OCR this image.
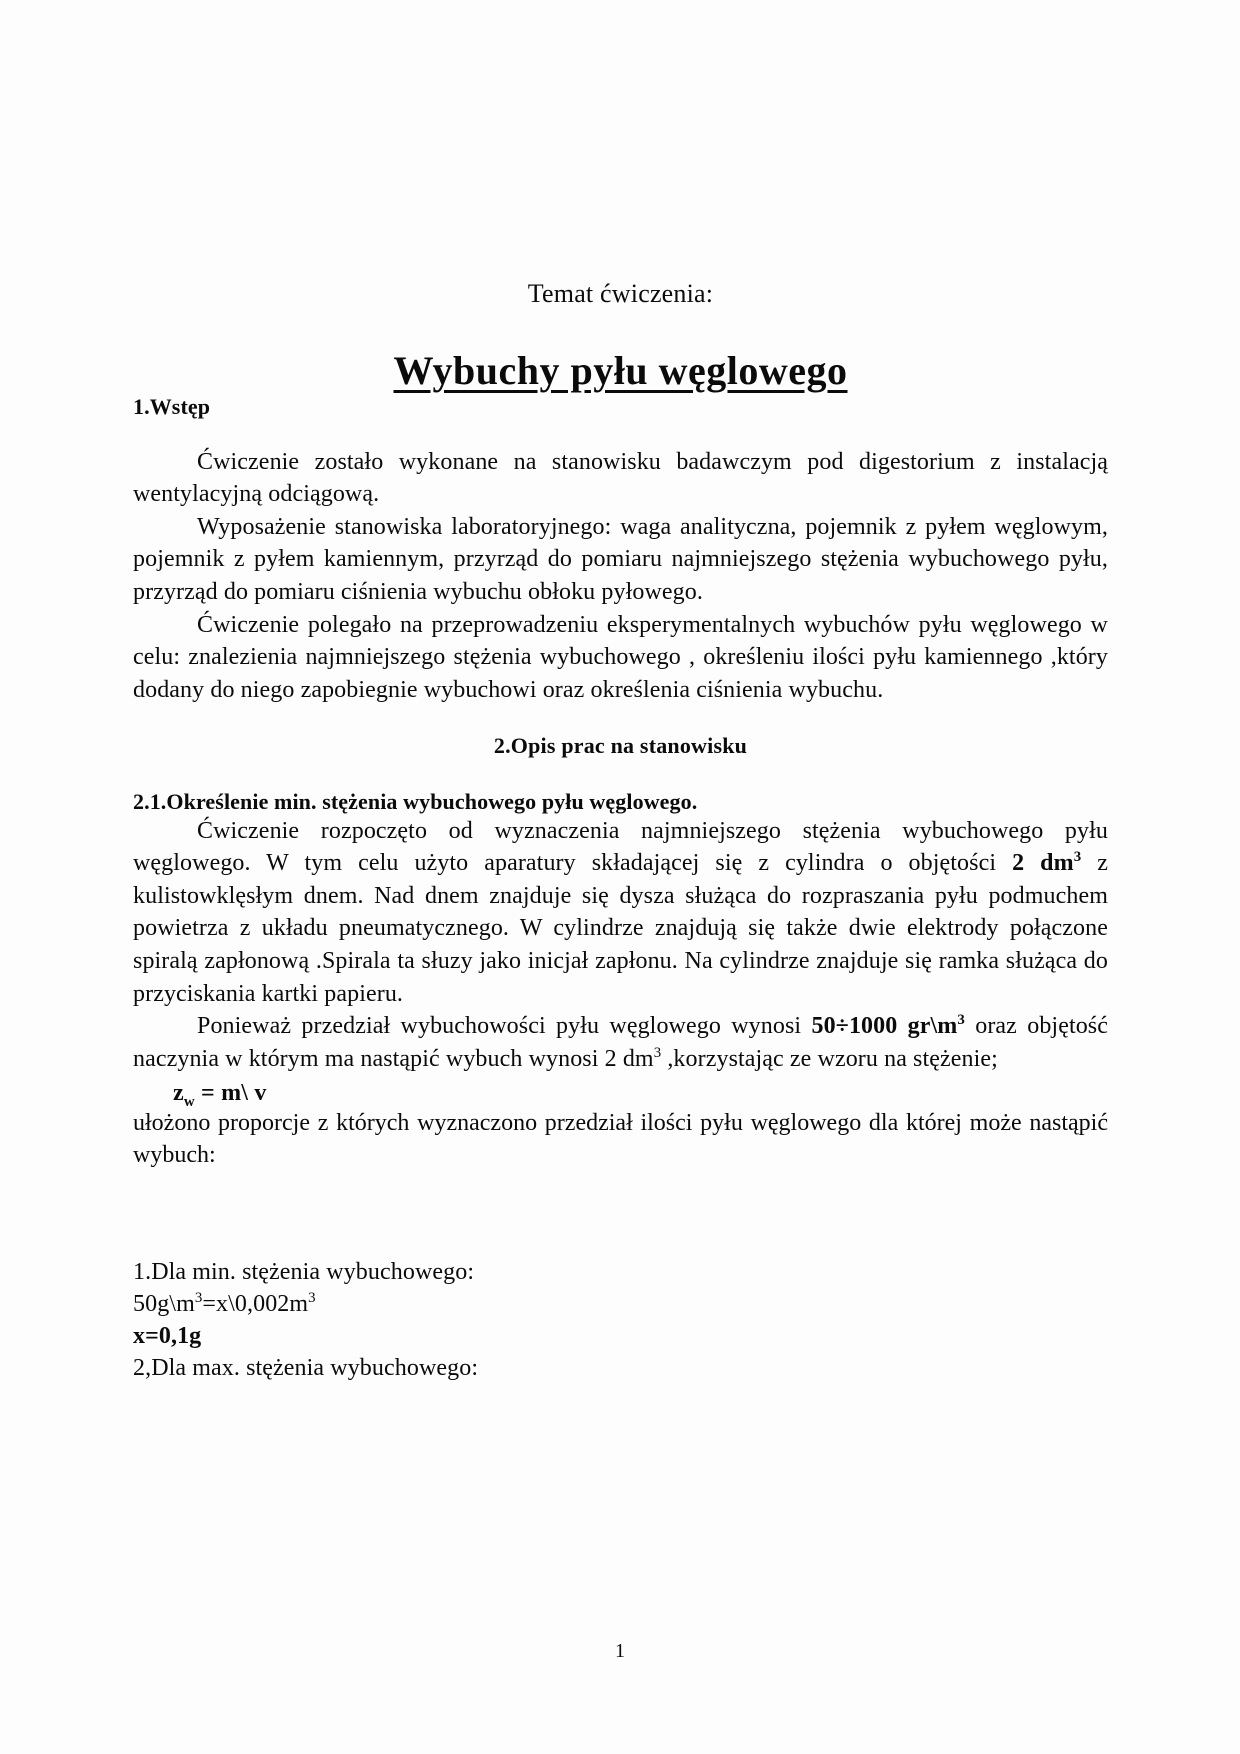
Temat ćwiczenia:
Wybuchy pyłu węglowego
1.Wstęp

Ćwiczenie zostało wykonane na stanowisku badawczym pod digestorium z instalacją wentylacyjną odciągową.

Wyposażenie stanowiska laboratoryjnego: waga analityczna, pojemnik z pyłem węglowym, pojemnik z pyłem kamiennym, przyrząd do pomiaru najmniejszego stężenia wybuchowego pyłu, przyrząd do pomiaru ciśnienia wybuchu obłoku pyłowego.

Ćwiczenie polegało na przeprowadzeniu eksperymentalnych wybuchów pyłu węglowego w celu: znalezienia najmniejszego stężenia wybuchowego , określeniu ilości pyłu kamiennego ,który dodany do niego zapobiegnie wybuchowi oraz określenia ciśnienia wybuchu.

2.Opis prac na stanowisku
2.1.Określenie min. stężenia wybuchowego pyłu węglowego.

Ćwiczenie rozpoczęto od wyznaczenia najmniejszego stężenia wybuchowego pyłu węglowego. W tym celu użyto aparatury składającej się z cylindra o objętości 2 $dm^3$ z kulistowklęsłym dnem. Nad dnem znajduje się dysza służąca do rozpraszania pyłu podmuchem powietrza z układu pneumatycznego. W cylindrze znajdują się także dwie elektrody połączone spiralą zapłonową .Spirala ta słuzy jako inicjał zapłonu. Na cylindrze znajduje się ramka służąca do przyciskania kartki papieru.

Ponieważ przedział wybuchowości pyłu węglowego wynosi 50÷1000 $gr\backslash m^3$ oraz objętość naczynia w którym ma nastąpić wybuch wynosi 2 $dm^3$ ,korzystając ze wzoru na stężenie;

$z_w$ = m\ v

ułożono proporcje z których wyznaczono przedział ilości pyłu węglowego dla której może nastąpić wybuch:

1.Dla min. stężenia wybuchowego:

$50g\backslash m^3=x\backslash 0,002m^3$

x=0,1g

2,Dla max. stężenia wybuchowego:

1
